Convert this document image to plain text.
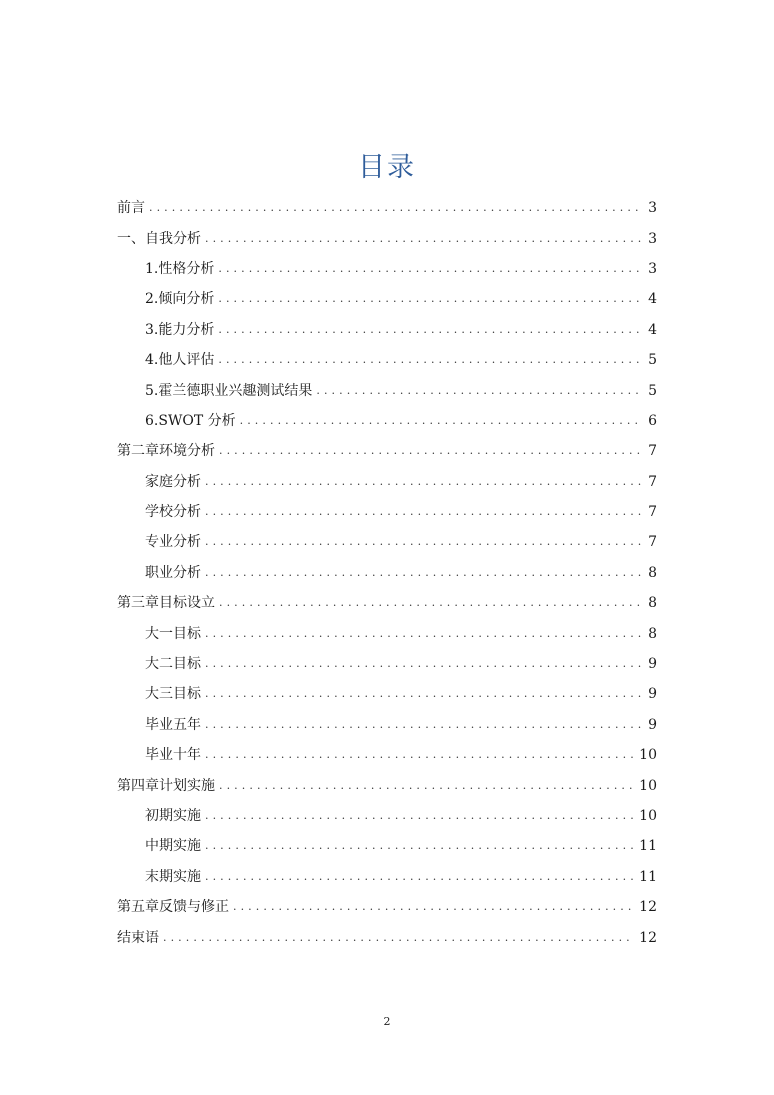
目录
前言 . . .	3
一、自我分析 . . .	3
1.性格分析 . . .	3
2.倾向分析 . . .	4
3.能力分析 . . .	4
4.他人评估 . . .	5
5.霍兰德职业兴趣测试结果 . . .	5
6.SWOT 分析 . . .	6
第二章环境分析 . . .	7
家庭分析 . . .	7
学校分析 . . .	7
专业分析 . . .	7
职业分析 . . .	8
第三章目标设立 . . .	8
大一目标 . . .	8
大二目标 . . .	9
大三目标 . . .	9
毕业五年 . . .	9
毕业十年 . . .	10
第四章计划实施 . . .	10
初期实施 . . .	10
中期实施 . . .	11
末期实施 . . .	11
第五章反馈与修正 . . .	12
结束语 . . .	12
2
